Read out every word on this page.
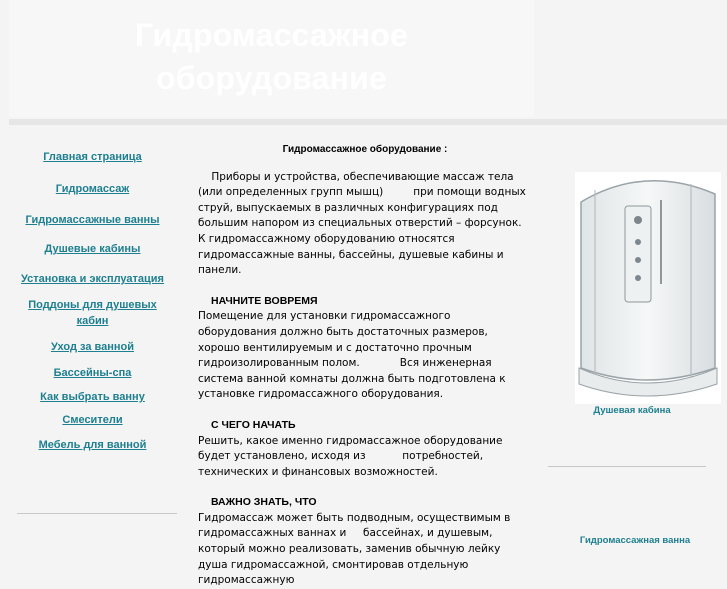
Гидромассажное
оборудование
Главная страница
Гидромассаж
Гидромассажные ванны
Душевые кабины
Установка и эксплуатация
Поддоны для душевых
кабин
Уход за ванной
Бассейны-спа
Как выбрать ванну
Смесители
Мебель для ванной
Гидромассажное оборудование :

Приборы и устройства, обеспечивающие массаж тела  (или определенных групп мышц)         при помощи водных струй, выпускаемых в различных конфигурациях под большим напором из специальных отверстий – форсунок.
К гидромассажному оборудованию относятся гидромассажные ванны, бассейны, душевые кабины и панели.

НАЧНИТЕ ВОВРЕМЯ

Помещение для установки гидромассажного оборудования должно быть достаточных размеров, хорошо вентилируемым и с достаточно прочным гидроизолированным полом.            Вся инженерная система ванной комнаты должна быть подготовлена к установке гидромассажного оборудования.

С ЧЕГО НАЧАТЬ

Решить, какое именно гидромассажное оборудование будет установлено, исходя из           потребностей, технических и финансовых возможностей.

ВАЖНО ЗНАТЬ, ЧТО

Гидромассаж может быть подводным, осуществимым в гидромассажных ваннах и     бассейнах, и душевым, который можно реализовать, заменив обычную лейку душа гидромассажной, смонтировав отдельную гидромассажную

Душевая кабина
Гидромассажная ванна
